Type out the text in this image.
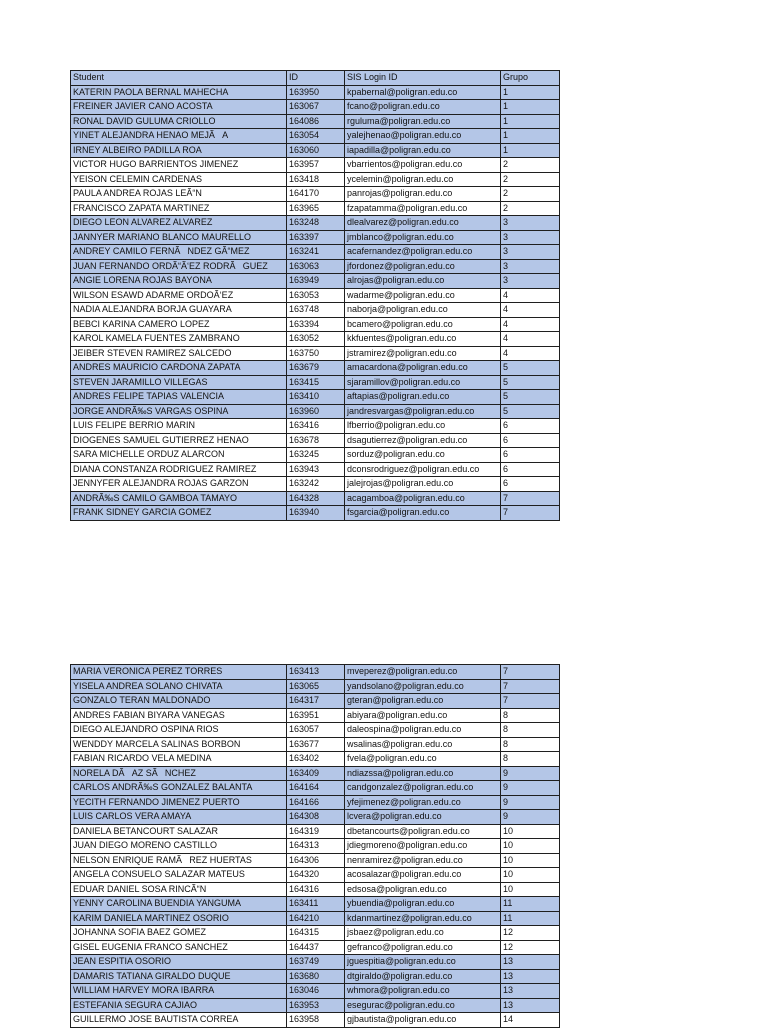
Student	ID	SIS Login ID	Grupo
KATERIN PAOLA BERNAL MAHECHA	163950	kpabernal@poligran.edu.co	1
FREINER JAVIER CANO ACOSTA	163067	fcano@poligran.edu.co	1
RONAL DAVID GULUMA CRIOLLO	164086	rguluma@poligran.edu.co	1
YINET ALEJANDRA HENAO MEJÃA	163054	yalejhenao@poligran.edu.co	1
IRNEY ALBEIRO PADILLA ROA	163060	iapadilla@poligran.edu.co	1
VICTOR HUGO BARRIENTOS JIMENEZ	163957	vbarrientos@poligran.edu.co	2
YEISON CELEMIN CARDENAS	163418	ycelemin@poligran.edu.co	2
PAULA ANDREA ROJAS LEÃ“N	164170	panrojas@poligran.edu.co	2
FRANCISCO ZAPATA MARTINEZ	163965	fzapatamma@poligran.edu.co	2
DIEGO LEON ALVAREZ ALVAREZ	163248	dlealvarez@poligran.edu.co	3
JANNYER MARIANO BLANCO MAURELLO	163397	jmblanco@poligran.edu.co	3
ANDREY CAMILO FERNÃNDEZ GÃ“MEZ	163241	acafernandez@poligran.edu.co	3
JUAN FERNANDO ORDÃ“Ã‘EZ RODRÃGUEZ	163063	jfordonez@poligran.edu.co	3
ANGIE LORENA ROJAS BAYONA	163949	alrojas@poligran.edu.co	3
WILSON ESAWD ADARME ORDOÃ‘EZ	163053	wadarme@poligran.edu.co	4
NADIA ALEJANDRA BORJA GUAYARA	163748	naborja@poligran.edu.co	4
BEBCI KARINA CAMERO LOPEZ	163394	bcamero@poligran.edu.co	4
KAROL KAMELA FUENTES ZAMBRANO	163052	kkfuentes@poligran.edu.co	4
JEIBER STEVEN RAMIREZ SALCEDO	163750	jstramirez@poligran.edu.co	4
ANDRES MAURICIO CARDONA ZAPATA	163679	amacardona@poligran.edu.co	5
STEVEN JARAMILLO VILLEGAS	163415	sjaramillov@poligran.edu.co	5
ANDRES FELIPE TAPIAS VALENCIA	163410	aftapias@poligran.edu.co	5
JORGE ANDRÃ‰S VARGAS OSPINA	163960	jandresvargas@poligran.edu.co	5
LUIS FELIPE BERRIO MARIN	163416	lfberrio@poligran.edu.co	6
DIOGENES SAMUEL GUTIERREZ HENAO	163678	dsagutierrez@poligran.edu.co	6
SARA MICHELLE ORDUZ ALARCON	163245	sorduz@poligran.edu.co	6
DIANA CONSTANZA RODRIGUEZ RAMIREZ	163943	dconsrodriguez@poligran.edu.co	6
JENNYFER ALEJANDRA ROJAS GARZON	163242	jalejrojas@poligran.edu.co	6
ANDRÃ‰S CAMILO GAMBOA TAMAYO	164328	acagamboa@poligran.edu.co	7
FRANK SIDNEY GARCIA GOMEZ	163940	fsgarcia@poligran.edu.co	7
MARIA VERONICA PEREZ TORRES	163413	mveperez@poligran.edu.co	7
YISELA ANDREA SOLANO CHIVATA	163065	yandsolano@poligran.edu.co	7
GONZALO TERAN MALDONADO	164317	gteran@poligran.edu.co	7
ANDRES FABIAN BIYARA VANEGAS	163951	abiyara@poligran.edu.co	8
DIEGO ALEJANDRO OSPINA RIOS	163057	daleospina@poligran.edu.co	8
WENDDY MARCELA SALINAS BORBON	163677	wsalinas@poligran.edu.co	8
FABIAN RICARDO VELA MEDINA	163402	fvela@poligran.edu.co	8
NORELA DÃAZ SÃNCHEZ	163409	ndiazssa@poligran.edu.co	9
CARLOS ANDRÃ‰S GONZALEZ BALANTA	164164	candgonzalez@poligran.edu.co	9
YECITH FERNANDO JIMENEZ PUERTO	164166	yfejimenez@poligran.edu.co	9
LUIS CARLOS VERA AMAYA	164308	lcvera@poligran.edu.co	9
DANIELA BETANCOURT SALAZAR	164319	dbetancourts@poligran.edu.co	10
JUAN DIEGO MORENO CASTILLO	164313	jdiegmoreno@poligran.edu.co	10
NELSON ENRIQUE RAMÃREZ HUERTAS	164306	nenramirez@poligran.edu.co	10
ANGELA CONSUELO SALAZAR MATEUS	164320	acosalazar@poligran.edu.co	10
EDUAR DANIEL SOSA RINCÃ“N	164316	edsosa@poligran.edu.co	10
YENNY CAROLINA BUENDIA YANGUMA	163411	ybuendia@poligran.edu.co	11
KARIM DANIELA MARTINEZ OSORIO	164210	kdanmartinez@poligran.edu.co	11
JOHANNA SOFIA BAEZ GOMEZ	164315	jsbaez@poligran.edu.co	12
GISEL EUGENIA FRANCO SANCHEZ	164437	gefranco@poligran.edu.co	12
JEAN ESPITIA OSORIO	163749	jguespitia@poligran.edu.co	13
DAMARIS TATIANA GIRALDO DUQUE	163680	dtgiraldo@poligran.edu.co	13
WILLIAM HARVEY MORA IBARRA	163046	whmora@poligran.edu.co	13
ESTEFANIA SEGURA CAJIAO	163953	esegurac@poligran.edu.co	13
GUILLERMO JOSE BAUTISTA CORREA	163958	gjbautista@poligran.edu.co	14
